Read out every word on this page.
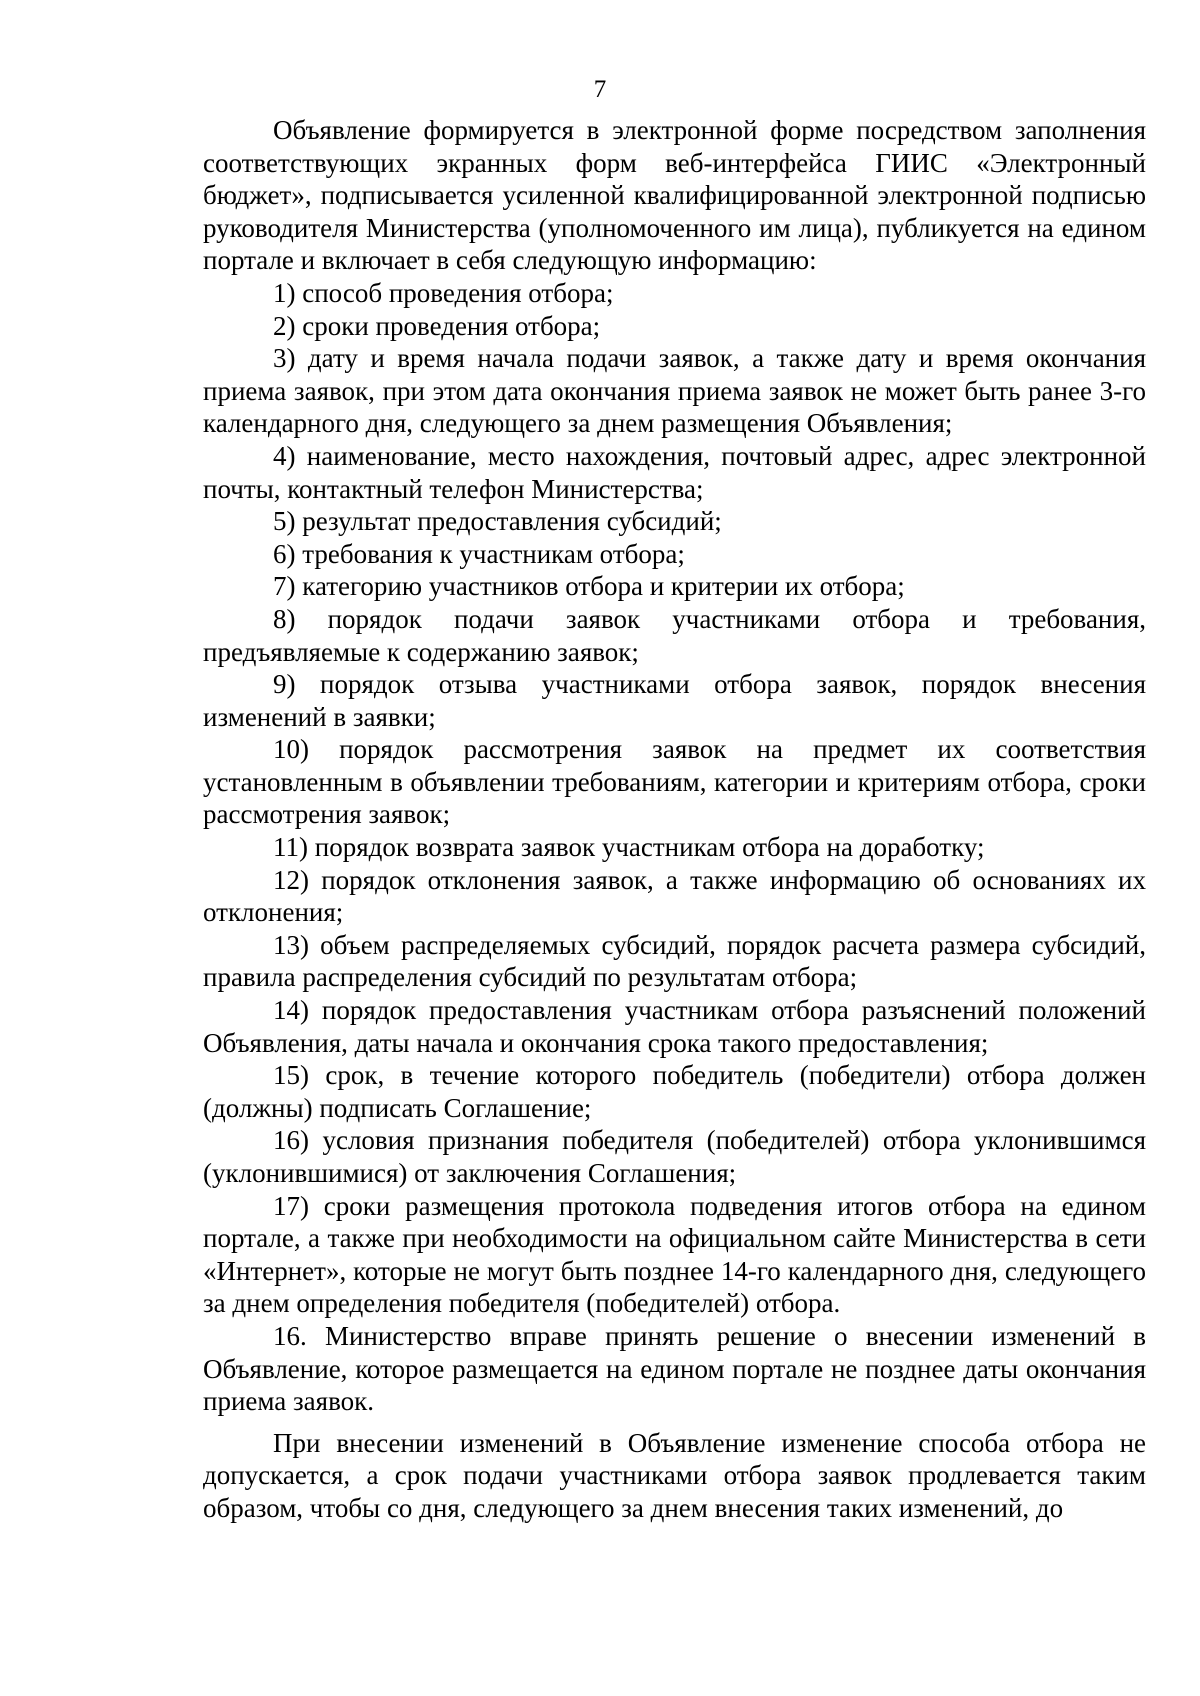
7

Объявление формируется в электронной форме посредством заполнения соответствующих экранных форм веб-интерфейса ГИИС «Электронный бюджет», подписывается усиленной квалифицированной электронной подписью руководителя Министерства (уполномоченного им лица), публикуется на едином портале и включает в себя следующую информацию:

1) способ проведения отбора;

2) сроки проведения отбора;

3) дату и время начала подачи заявок, а также дату и время окончания приема заявок, при этом дата окончания приема заявок не может быть ранее 3-го календарного дня, следующего за днем размещения Объявления;

4) наименование, место нахождения, почтовый адрес, адрес электронной почты, контактный телефон Министерства;

5) результат предоставления субсидий;

6) требования к участникам отбора;

7) категорию участников отбора и критерии их отбора;

8) порядок подачи заявок участниками отбора и требования, предъявляемые к содержанию заявок;

9) порядок отзыва участниками отбора заявок, порядок внесения изменений в заявки;

10) порядок рассмотрения заявок на предмет их соответствия установленным в объявлении требованиям, категории и критериям отбора, сроки рассмотрения заявок;

11) порядок возврата заявок участникам отбора на доработку;

12) порядок отклонения заявок, а также информацию об основаниях их отклонения;

13) объем распределяемых субсидий, порядок расчета размера субсидий, правила распределения субсидий по результатам отбора;

14) порядок предоставления участникам отбора разъяснений положений Объявления, даты начала и окончания срока такого предоставления;

15) срок, в течение которого победитель (победители) отбора должен (должны) подписать Соглашение;

16) условия признания победителя (победителей) отбора уклонившимся (уклонившимися) от заключения Соглашения;

17) сроки размещения протокола подведения итогов отбора на едином портале, а также при необходимости на официальном сайте Министерства в сети «Интернет», которые не могут быть позднее 14-го календарного дня, следующего за днем определения победителя (победителей) отбора.

16. Министерство вправе принять решение о внесении изменений в Объявление, которое размещается на едином портале не позднее даты окончания приема заявок.

При внесении изменений в Объявление изменение способа отбора не допускается, а срок подачи участниками отбора заявок продлевается таким образом, чтобы со дня, следующего за днем внесения таких изменений, до
